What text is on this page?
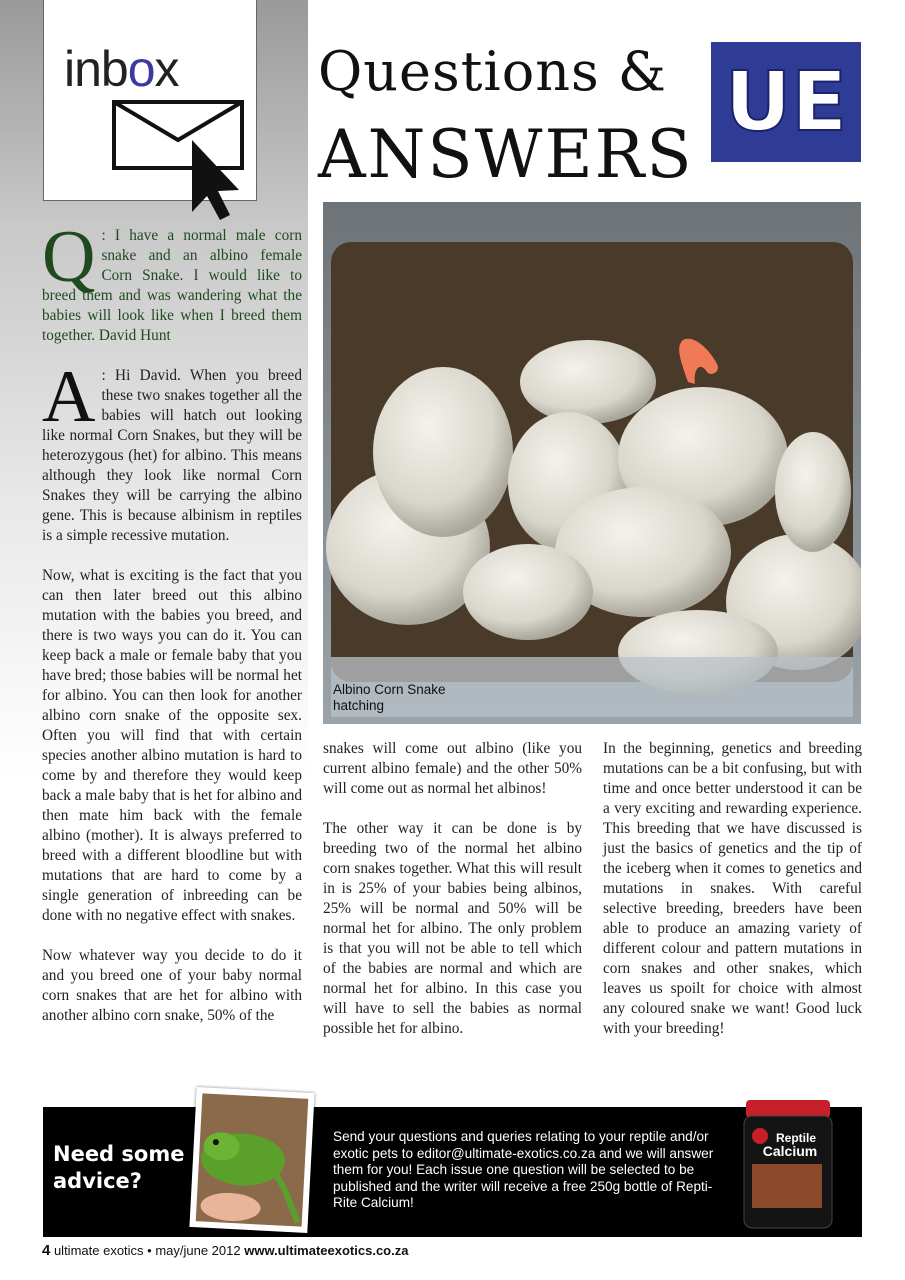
inbox	Questions &
ANSWERS
UE
Albino Corn Snake
hatching

Q : I have a normal male corn snake and an albino female Corn Snake. I would like to breed them and was wandering what the babies will look like when I breed them together. David Hunt

A : Hi David. When you breed these two snakes together all the babies will hatch out looking like normal Corn Snakes, but they will be heterozygous (het) for albino. This means although they look like normal Corn Snakes they will be carrying the albino gene. This is because albinism in reptiles is a simple recessive mutation.

Now, what is exciting is the fact that you can then later breed out this albino mutation with the babies you breed, and there is two ways you can do it. You can keep back a male or female baby that you have bred; those babies will be normal het for albino. You can then look for another albino corn snake of the opposite sex. Often you will find that with certain species another albino mutation is hard to come by and therefore they would keep back a male baby that is het for albino and then mate him back with the female albino (mother). It is always preferred to breed with a different bloodline but with mutations that are hard to come by a single generation of inbreeding can be done with no negative effect with snakes.

Now whatever way you decide to do it and you breed one of your baby normal corn snakes that are het for albino with another albino corn snake, 50% of the

snakes will come out albino (like you current albino female) and the other 50% will come out as normal het albinos!

The other way it can be done is by breeding two of the normal het albino corn snakes together. What this will result in is 25% of your babies being albinos, 25% will be normal and 50% will be normal het for albino. The only problem is that you will not be able to tell which of the babies are normal and which are normal het for albino. In this case you will have to sell the babies as normal possible het for albino.

In the beginning, genetics and breeding mutations can be a bit confusing, but with time and once better understood it can be a very exciting and rewarding experience. This breeding that we have discussed is just the basics of genetics and the tip of the iceberg when it comes to genetics and mutations in snakes. With careful selective breeding, breeders have been able to produce an amazing variety of different colour and pattern mutations in corn snakes and other snakes, which leaves us spoilt for choice with almost any coloured snake we want! Good luck with your breeding!

Need some
advice?
Send your questions and queries relating to your reptile and/or exotic pets to editor@ultimate-exotics.co.za and we will answer them for you! Each issue one question will be selected to be published and the writer will receive a free 250g bottle of Repti-Rite Calcium!
Reptile
Calcium
4 ultimate exotics • may/june 2012 www.ultimateexotics.co.za
